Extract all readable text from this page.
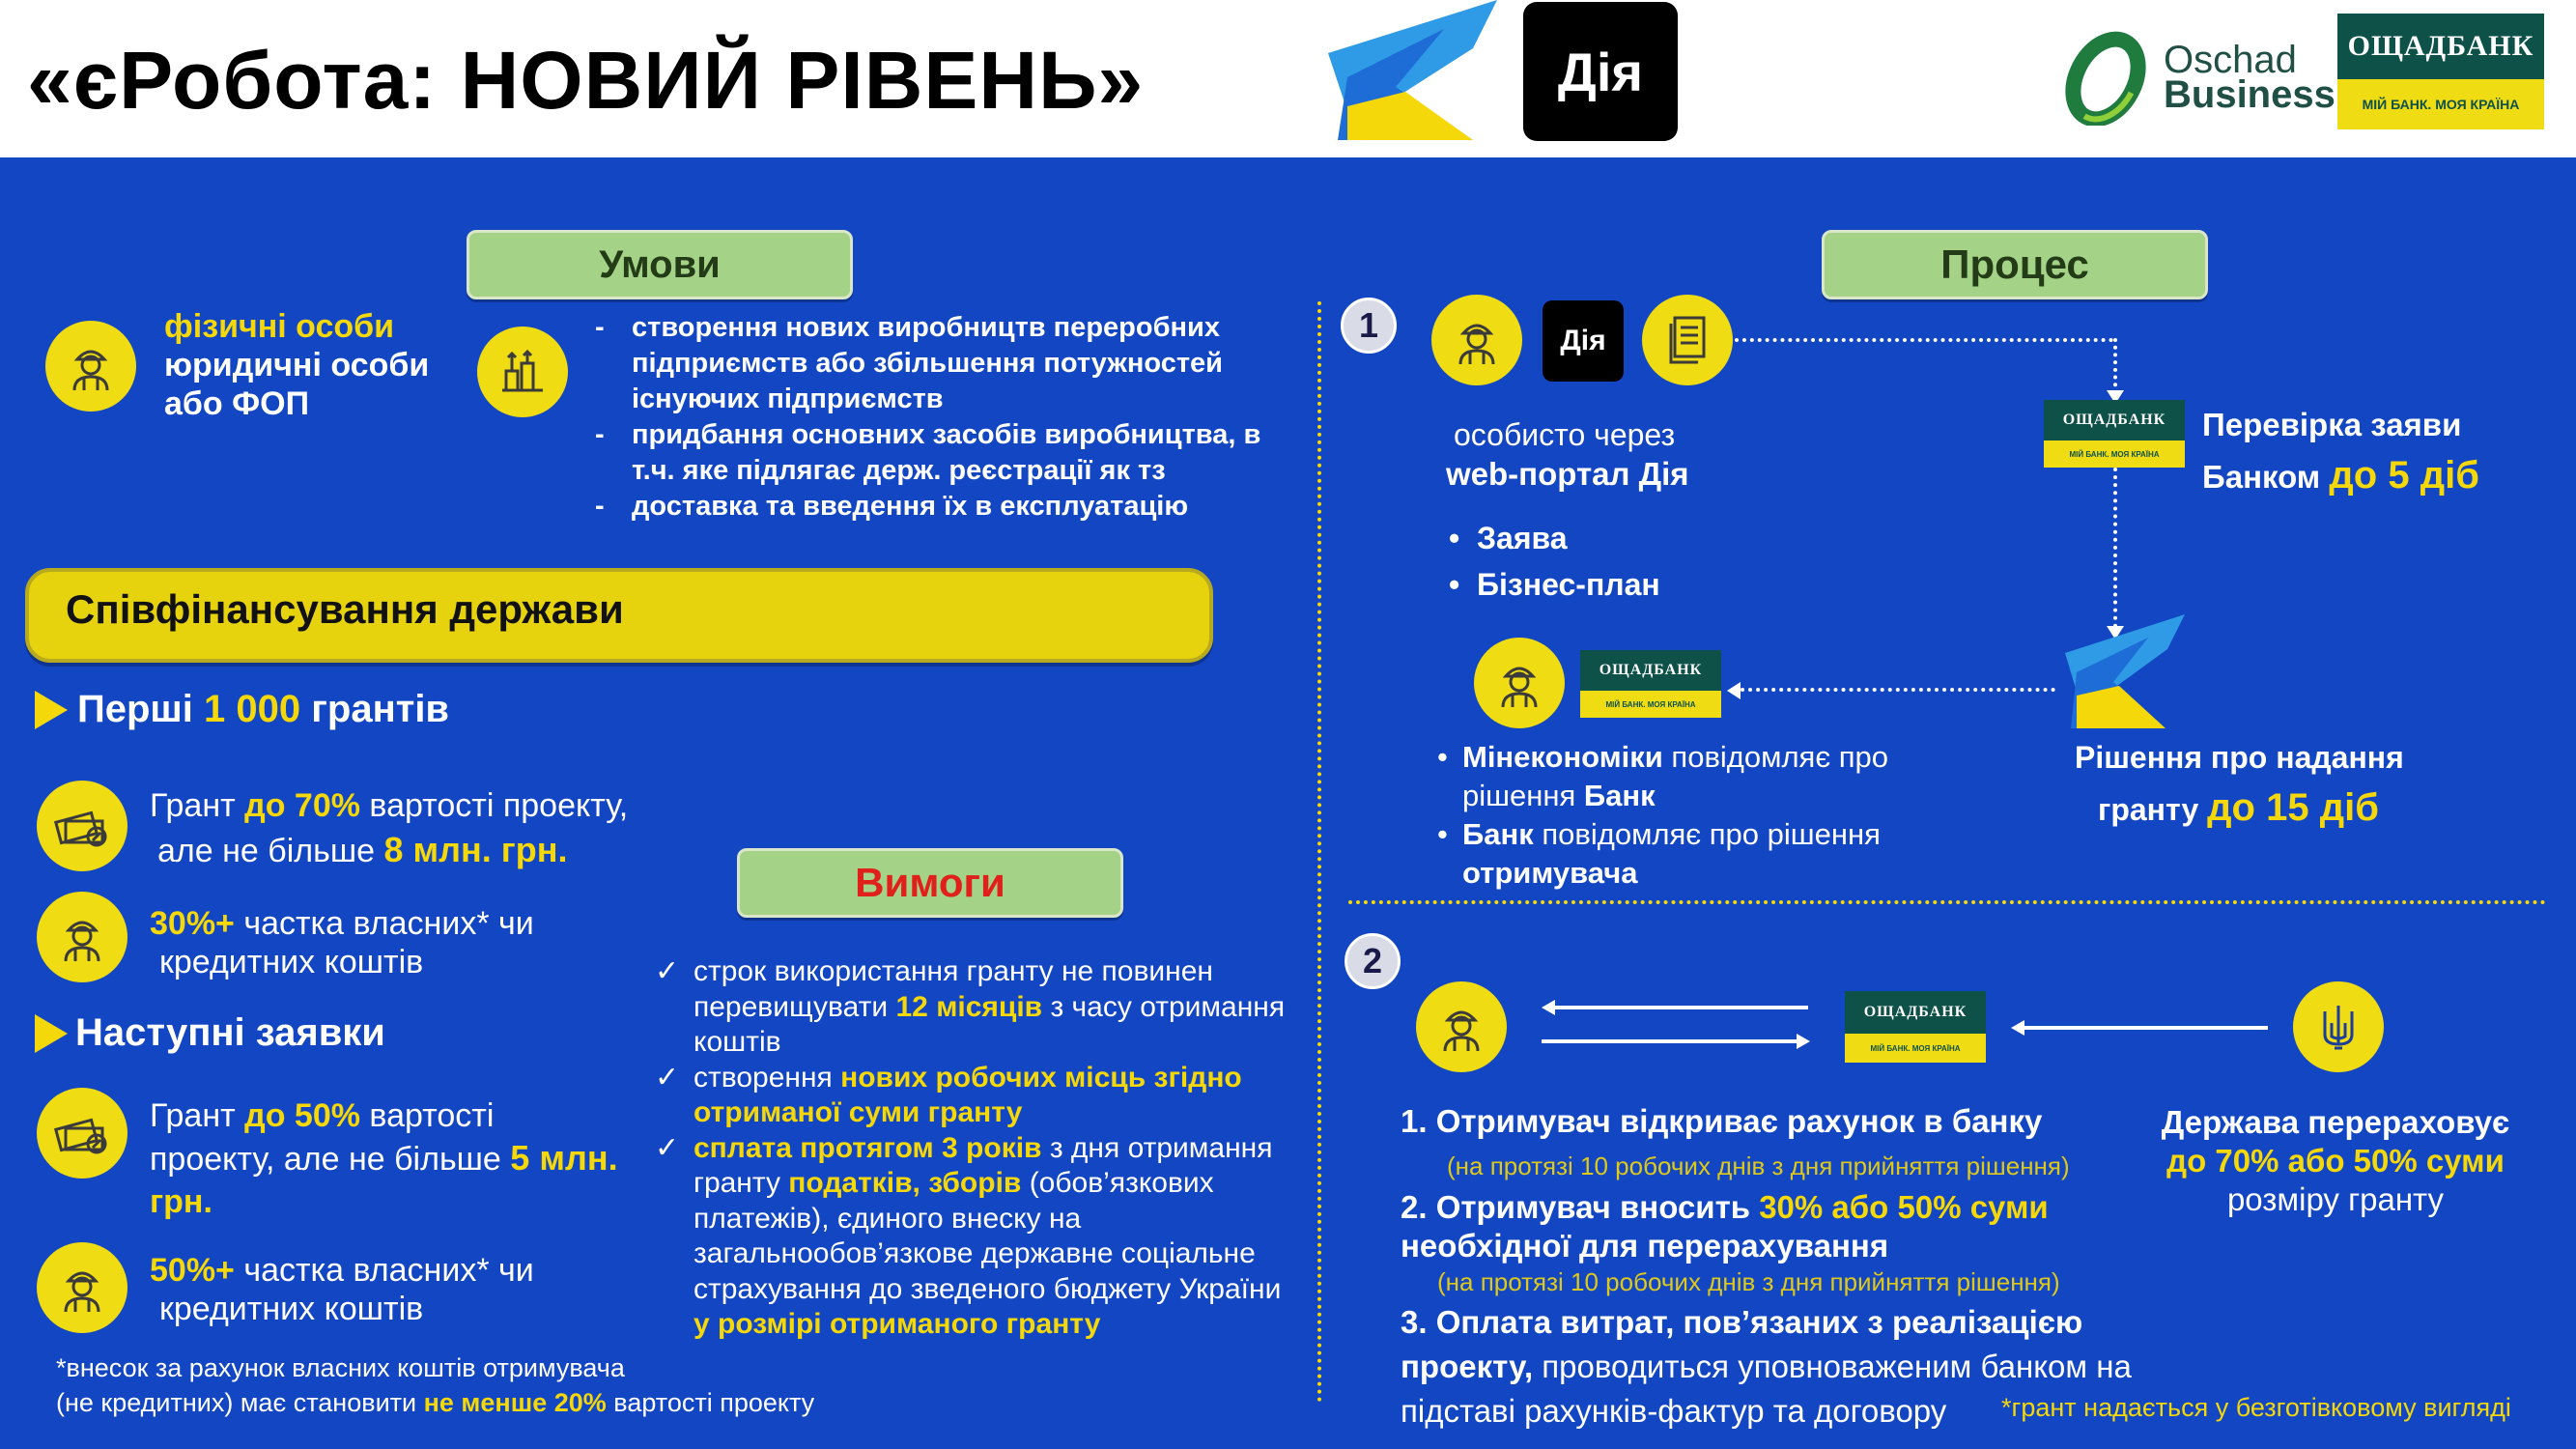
«єРобота: НОВИЙ РІВЕНЬ»	Дія	Oschad
Business
ОЩАДБАНК
МІЙ БАНК. МОЯ КРАЇНА
Умови
фізичні особи
юридичні особи
або ФОП
- створення нових виробництв переробних підприємств або збільшення потужностей існуючих підприємств
- придбання основних засобів виробництва, в т.ч. яке підлягає держ. реєстрації як тз
- доставка та введення їх в експлуатацію
Співфінансування держави
Перші 1 000 грантів
Грант до 70% вартості проекту,
але не більше 8 млн. грн.
30%+ частка власних* чи
кредитних коштів
Наступні заявки
Грант до 50% вартості
проекту, але не більше 5 млн.
грн.
50%+ частка власних* чи
кредитних коштів
*внесок за рахунок власних коштів отримувача
(не кредитних) має становити не менше 20% вартості проекту
Вимоги
✓ строк використання гранту не повинен перевищувати 12 місяців з часу отримання коштів
✓ створення нових робочих місць згідно отриманої суми гранту
✓ сплата протягом 3 років з дня отримання гранту податків, зборів (обов’язкових платежів), єдиного внеску на загальнообов’язкове державне соціальне страхування до зведеного бюджету України у розмірі отриманого гранту
Процес
1	Дія
особисто через
web-портал Дія
•  Заява
•  Бізнес-план
ОЩАДБАНК
МІЙ БАНК. МОЯ КРАЇНА
Перевірка заяви
Банком до 5 діб
Рішення про надання
гранту до 15 діб
ОЩАДБАНК
МІЙ БАНК. МОЯ КРАЇНА
• Мінекономіки повідомляє про
рішення Банк
• Банк повідомляє про рішення
отримувача
2
ОЩАДБАНК
МІЙ БАНК. МОЯ КРАЇНА
1. Отримувач відкриває рахунок в банку
(на протязі 10 робочих днів з дня прийняття рішення)
2. Отримувач вносить 30% або 50% суми
необхідної для перерахування
(на протязі 10 робочих днів з дня прийняття рішення)
3. Оплата витрат, пов’язаних з реалізацією
проекту, проводиться уповноваженим банком на
підставі рахунків-фактур та договору
Держава перераховує
до 70% або 50% суми
розміру гранту
*грант надається у безготівковому вигляді
